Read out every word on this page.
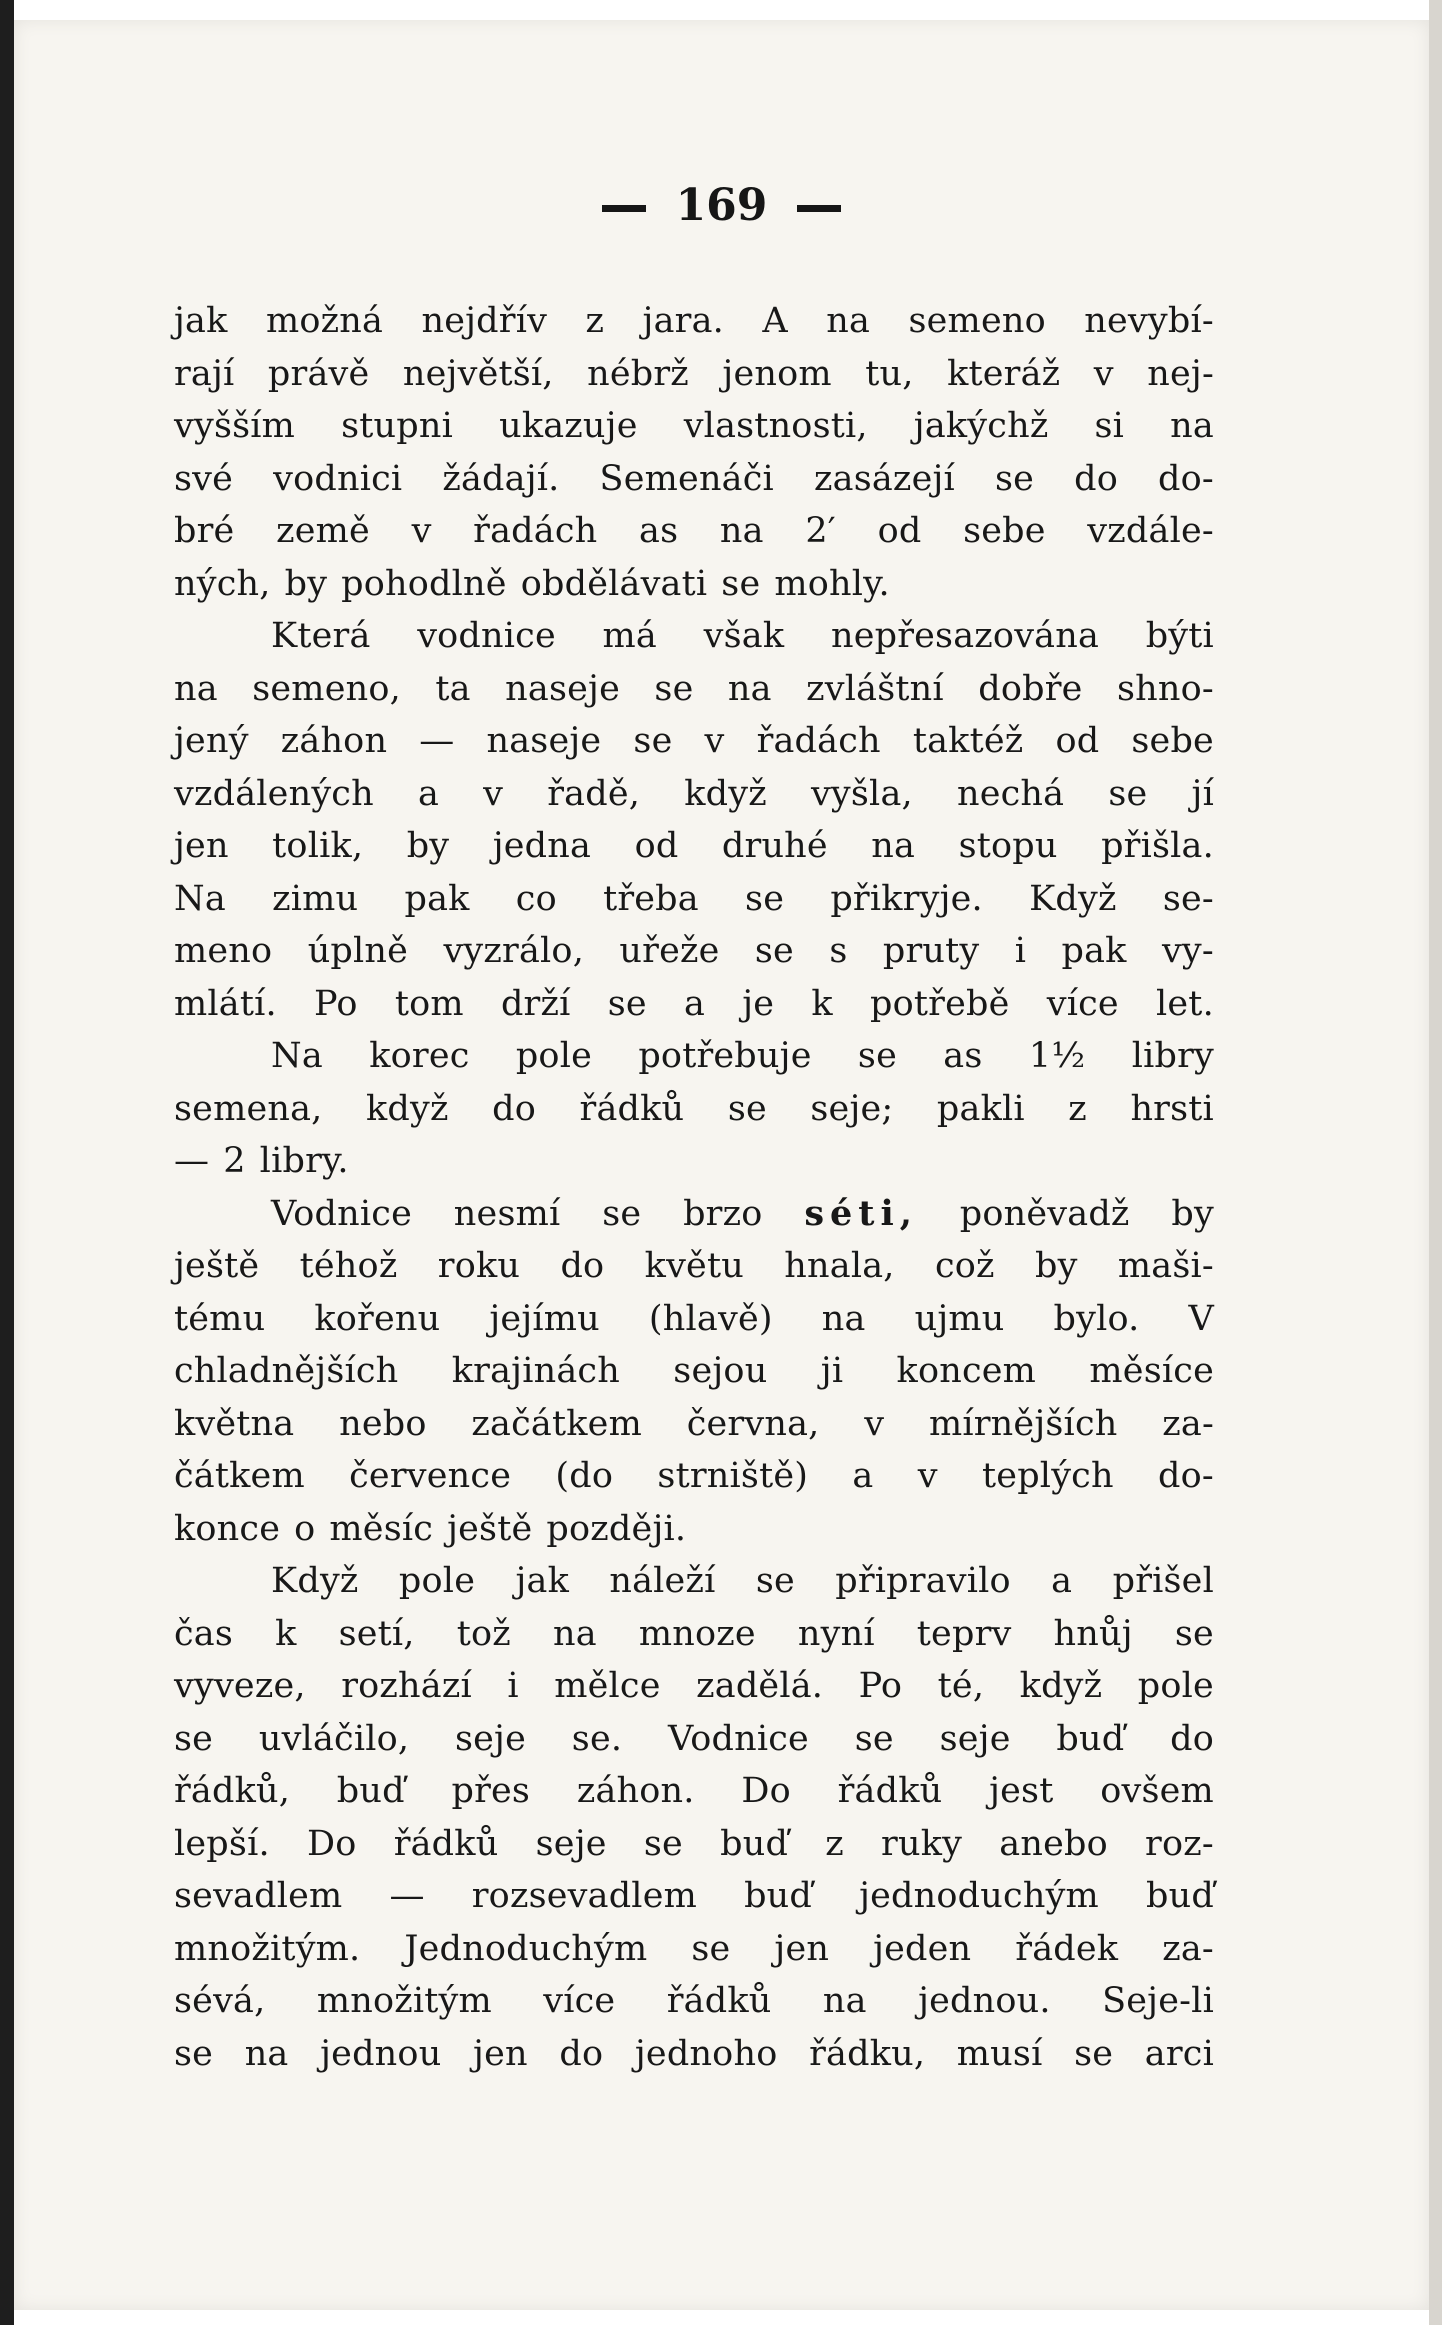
169
jak možná nejdřív z jara. A na semeno nevybí-
rají právě největší, nébrž jenom tu, kteráž v nej-
vyšším stupni ukazuje vlastnosti, jakýchž si na
své vodnici žádají. Semenáči zasázejí se do do-
bré země v řadách as na 2′ od sebe vzdále-
ných, by pohodlně obdělávati se mohly.
Která vodnice má však nepřesazována býti
na semeno, ta naseje se na zvláštní dobře shno-
jený záhon — naseje se v řadách taktéž od sebe
vzdálených a v řadě, když vyšla, nechá se jí
jen tolik, by jedna od druhé na stopu přišla.
Na zimu pak co třeba se přikryje. Když se-
meno úplně vyzrálo, uřeže se s pruty i pak vy-
mlátí. Po tom drží se a je k potřebě více let.
Na korec pole potřebuje se as 1½ libry
semena, když do řádků se seje; pakli z hrsti
— 2 libry.
Vodnice nesmí se brzo séti, poněvadž by
ještě téhož roku do květu hnala, což by maši-
tému kořenu jejímu (hlavě) na ujmu bylo. V
chladnějších krajinách sejou ji koncem měsíce
května nebo začátkem června, v mírnějších za-
čátkem července (do strniště) a v teplých do-
konce o měsíc ještě později.
Když pole jak náleží se připravilo a přišel
čas k setí, tož na mnoze nyní teprv hnůj se
vyveze, rozhází i mělce zadělá. Po té, když pole
se uvláčilo, seje se. Vodnice se seje buď do
řádků, buď přes záhon. Do řádků jest ovšem
lepší. Do řádků seje se buď z ruky anebo roz-
sevadlem — rozsevadlem buď jednoduchým buď
množitým. Jednoduchým se jen jeden řádek za-
sévá, množitým více řádků na jednou. Seje-li
se na jednou jen do jednoho řádku, musí se arci
